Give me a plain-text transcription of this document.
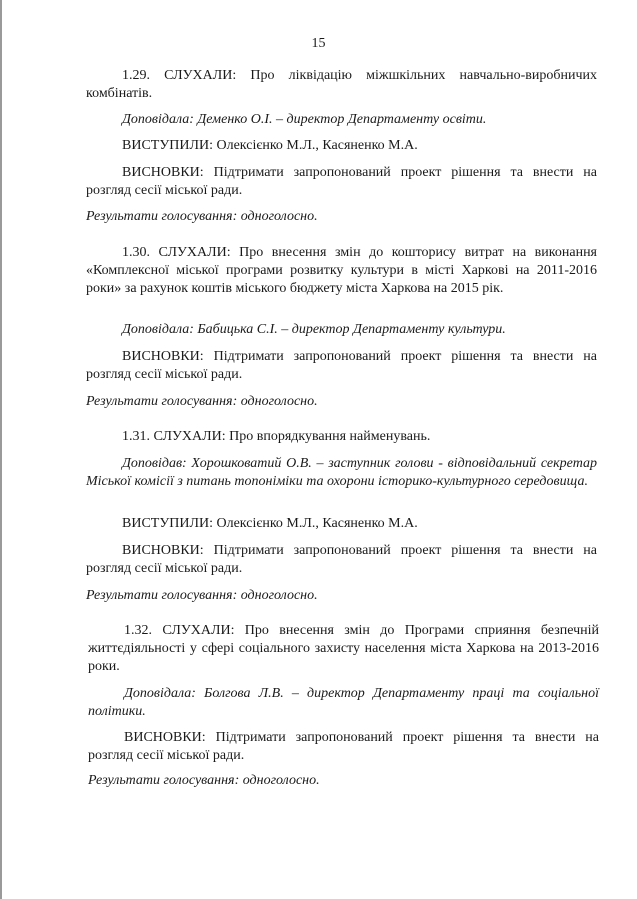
15

1.29. СЛУХАЛИ: Про ліквідацію міжшкільних навчально-виробничих комбінатів.

Доповідала: Деменко О.І. – директор Департаменту освіти.

ВИСТУПИЛИ: Олексієнко М.Л., Касяненко М.А.

ВИСНОВКИ: Підтримати запропонований проект рішення та внести на розгляд сесії міської ради.

Результати голосування: одноголосно.

1.30. СЛУХАЛИ: Про внесення змін до кошторису витрат на виконання «Комплексної міської програми розвитку культури в місті Харкові на 2011-2016 роки» за рахунок коштів міського бюджету міста Харкова на 2015 рік.

Доповідала: Бабицька С.І. – директор Департаменту культури.

ВИСНОВКИ: Підтримати запропонований проект рішення та внести на розгляд сесії міської ради.

Результати голосування: одноголосно.

1.31. СЛУХАЛИ: Про впорядкування найменувань.

Доповідав: Хорошковатий О.В. – заступник голови - відповідальний секретар Міської комісії з питань топоніміки та охорони історико-культурного середовища.

ВИСТУПИЛИ: Олексієнко М.Л., Касяненко М.А.

ВИСНОВКИ: Підтримати запропонований проект рішення та внести на розгляд сесії міської ради.

Результати голосування: одноголосно.

1.32. СЛУХАЛИ: Про внесення змін до Програми сприяння безпечній життєдіяльності у сфері соціального захисту населення міста Харкова на 2013-2016 роки.

Доповідала: Болгова Л.В. – директор Департаменту праці та соціальної політики.

ВИСНОВКИ: Підтримати запропонований проект рішення та внести на розгляд сесії міської ради.

Результати голосування: одноголосно.
